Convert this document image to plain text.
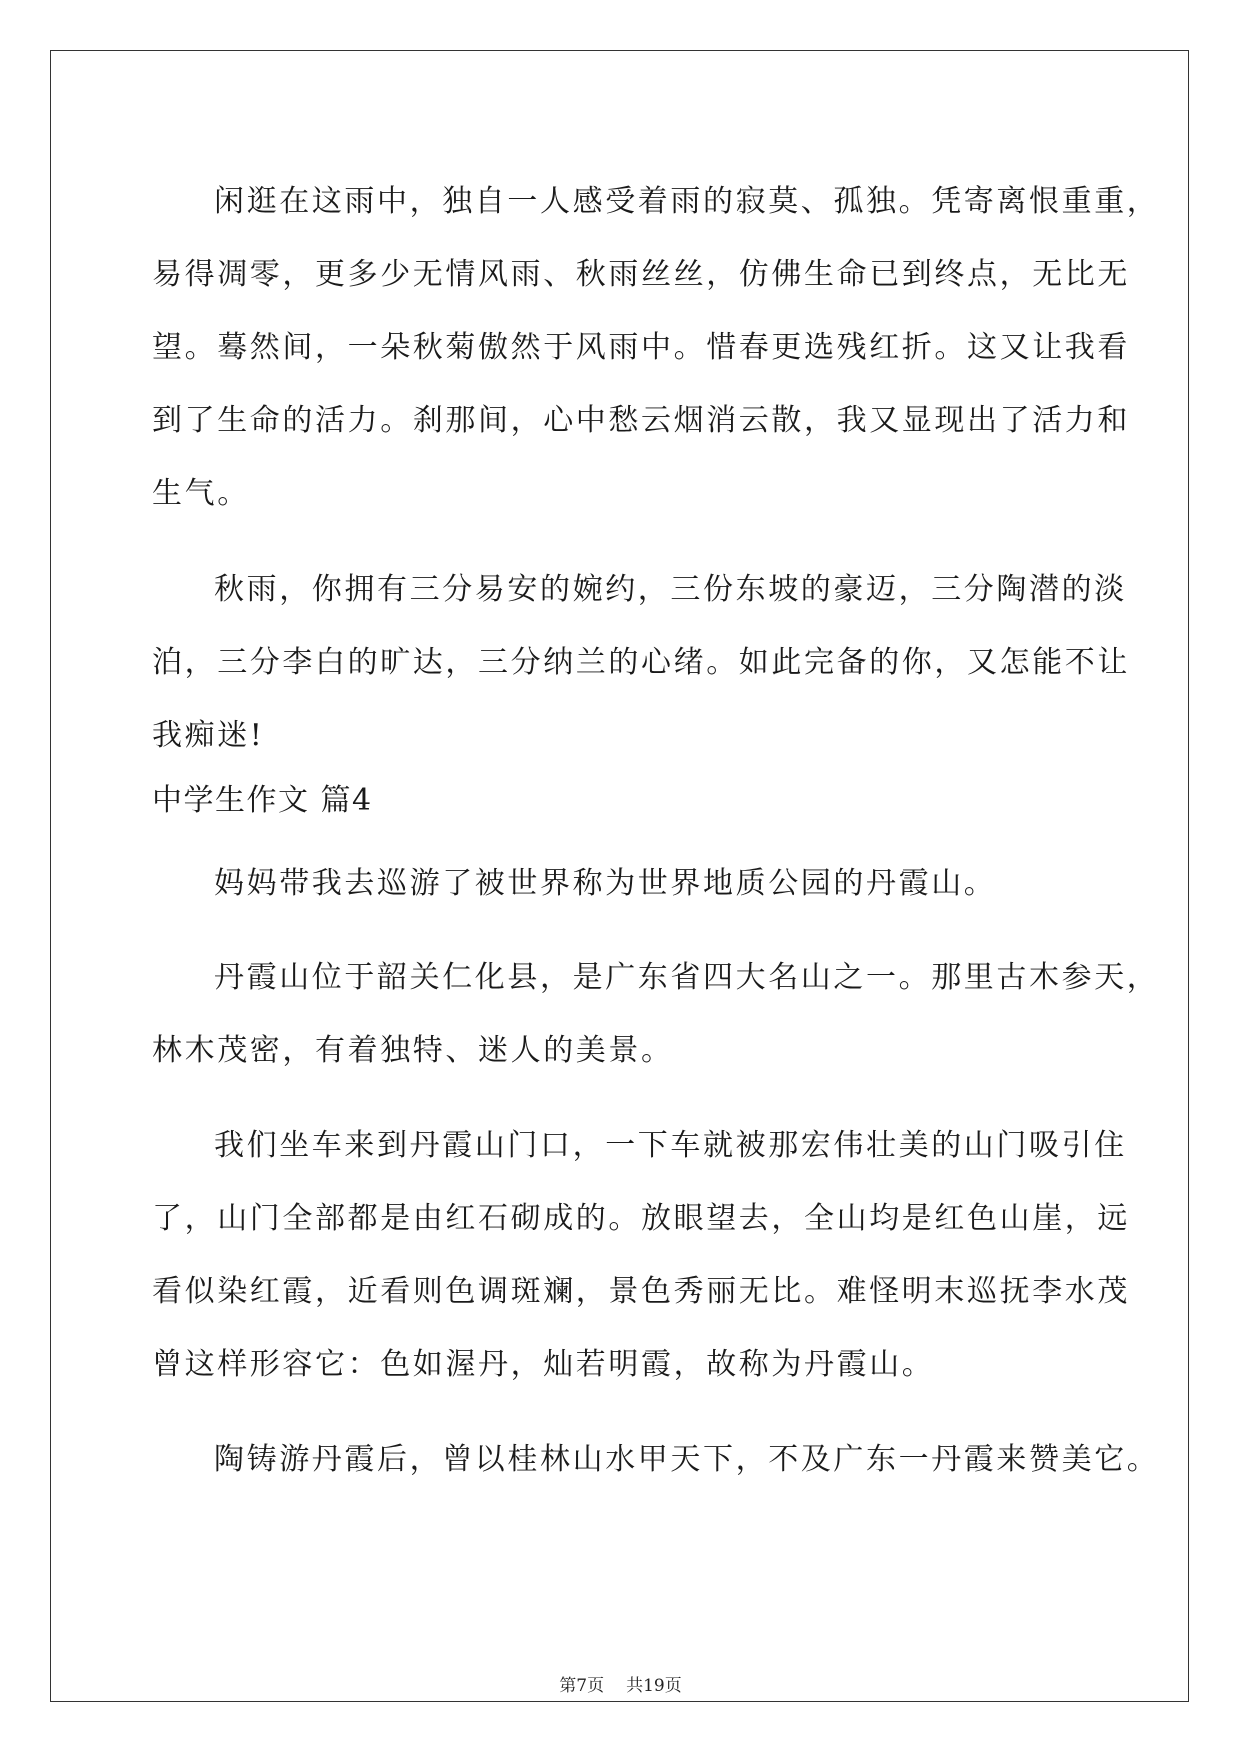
闲逛在这雨中，独自一人感受着雨的寂莫、孤独。凭寄离恨重重，
易得凋零，更多少无情风雨、秋雨丝丝，仿佛生命已到终点，无比无
望。蓦然间，一朵秋菊傲然于风雨中。惜春更选残红折。这又让我看
到了生命的活力。刹那间，心中愁云烟消云散，我又显现出了活力和
生气。
秋雨，你拥有三分易安的婉约，三份东坡的豪迈，三分陶潜的淡
泊，三分李白的旷达，三分纳兰的心绪。如此完备的你，又怎能不让
我痴迷!
中学生作文 篇4
妈妈带我去巡游了被世界称为世界地质公园的丹霞山。
丹霞山位于韶关仁化县，是广东省四大名山之一。那里古木参天，
林木茂密，有着独特、迷人的美景。
我们坐车来到丹霞山门口，一下车就被那宏伟壮美的山门吸引住
了，山门全部都是由红石砌成的。放眼望去，全山均是红色山崖，远
看似染红霞，近看则色调斑斓，景色秀丽无比。难怪明末巡抚李水茂
曾这样形容它：色如渥丹，灿若明霞，故称为丹霞山。
陶铸游丹霞后，曾以桂林山水甲天下，不及广东一丹霞来赞美它。
第7页 共19页
